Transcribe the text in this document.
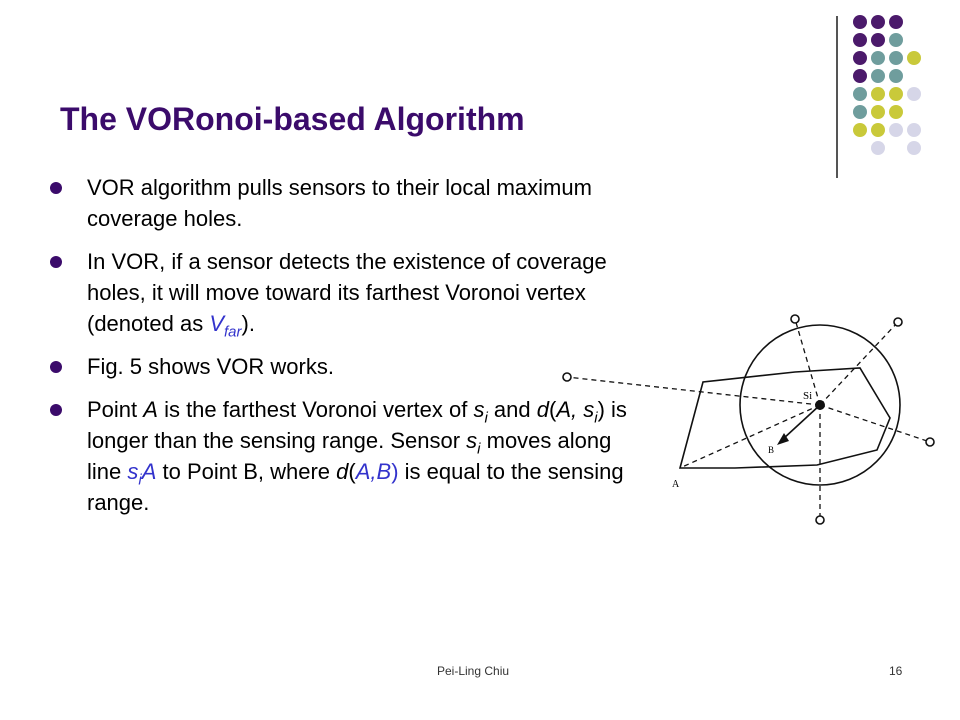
The VORonoi-based Algorithm
VOR algorithm pulls sensors to their local maximum coverage holes.
In VOR, if a sensor detects the existence of coverage holes, it will move toward its farthest Voronoi vertex (denoted as $V_{far}$).
Fig. 5 shows VOR works.
Point A is the farthest Voronoi vertex of $s_i$ and d(A, $s_i$) is longer than the sensing range. Sensor $s_i$ moves along line $s_iA$ to Point B, where d(A,B) is equal to the sensing range.
Si
A
B
Pei-Ling Chiu	16
